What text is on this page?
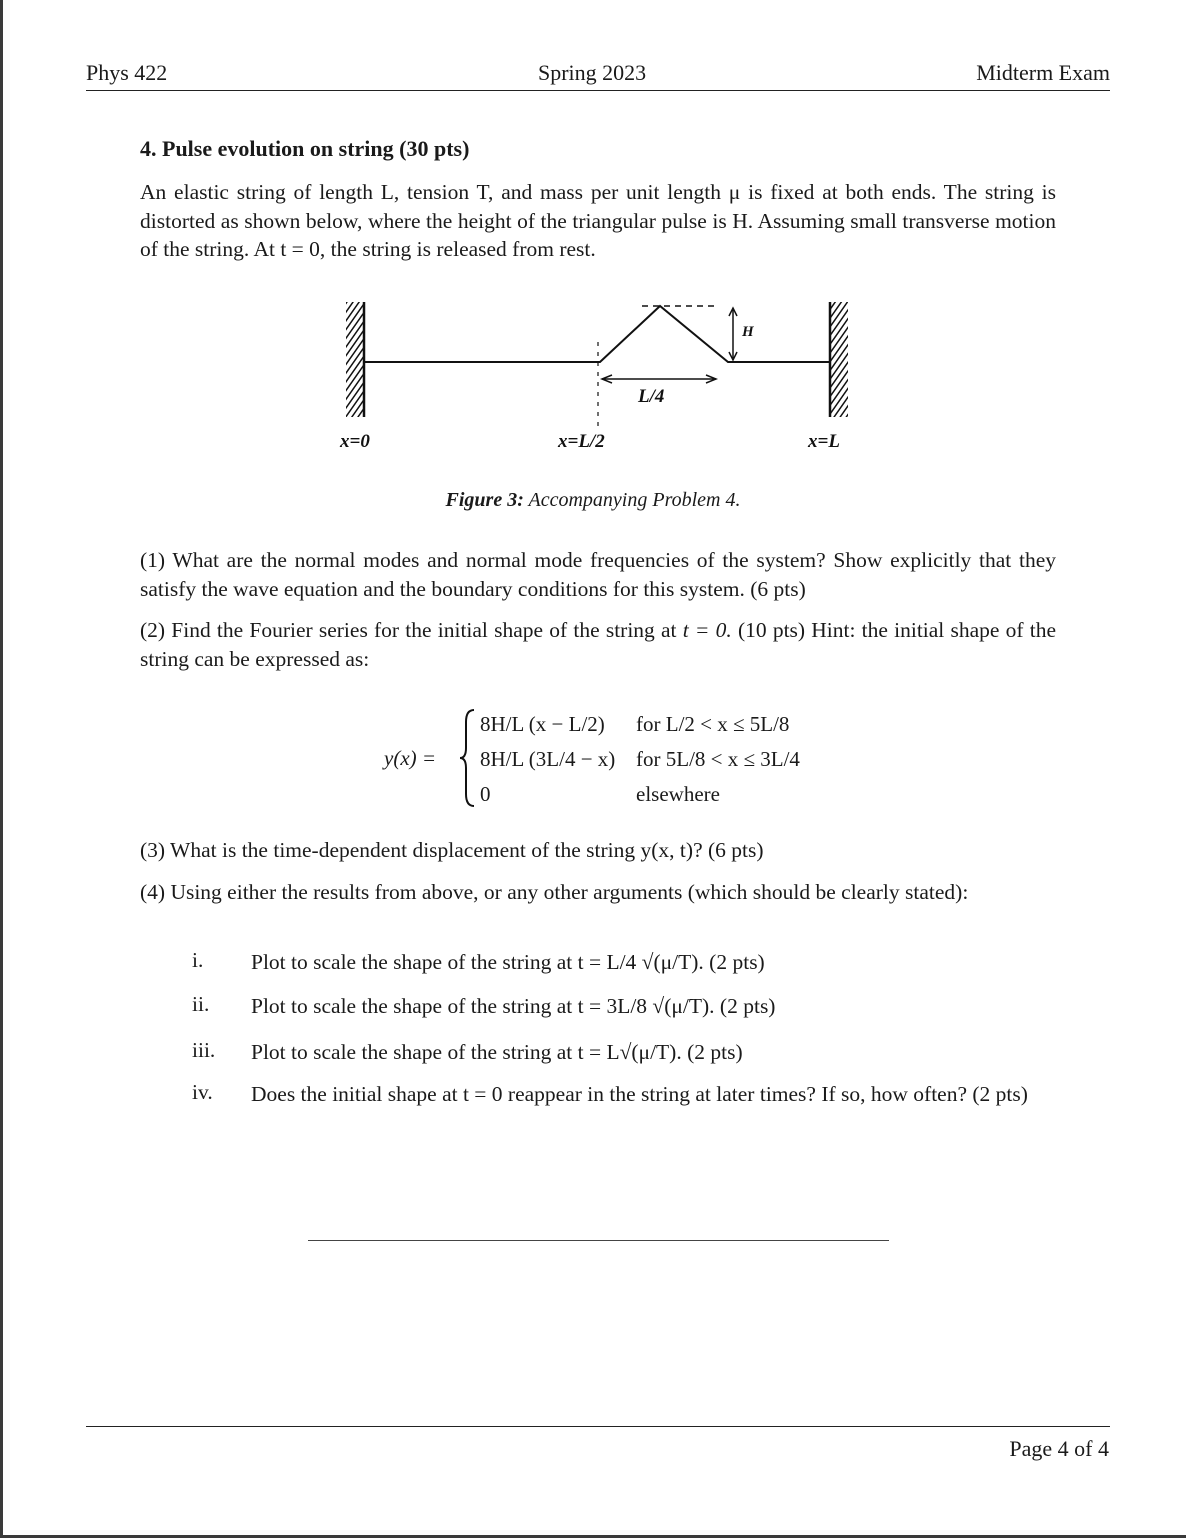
Phys 422	Spring 2023	Midterm Exam
4. Pulse evolution on string (30 pts)
An elastic string of length L, tension T, and mass per unit length μ is fixed at both ends. The string is distorted as shown below, where the height of the triangular pulse is H. Assuming small transverse motion of the string. At t = 0, the string is released from rest.
H
L/4
x=0	x=L/2	x=L
Figure 3: Accompanying Problem 4.
(1) What are the normal modes and normal mode frequencies of the system? Show explicitly that they satisfy the wave equation and the boundary conditions for this system. (6 pts)
(2) Find the Fourier series for the initial shape of the string at t = 0. (10 pts) Hint: the initial shape of the string can be expressed as:
y(x) =
8H/L (x − L/2) for L/2 < x ≤ 5L/8
8H/L (3L/4 − x) for 5L/8 < x ≤ 3L/4
0	elsewhere
(3) What is the time-dependent displacement of the string y(x, t)? (6 pts)
(4) Using either the results from above, or any other arguments (which should be clearly stated):
i. Plot to scale the shape of the string at t = L/4 √(μ/T). (2 pts)
ii. Plot to scale the shape of the string at t = 3L/8 √(μ/T). (2 pts)
iii. Plot to scale the shape of the string at t = L√(μ/T). (2 pts)
iv. Does the initial shape at t = 0 reappear in the string at later times? If so, how often? (2 pts)
Page 4 of 4
